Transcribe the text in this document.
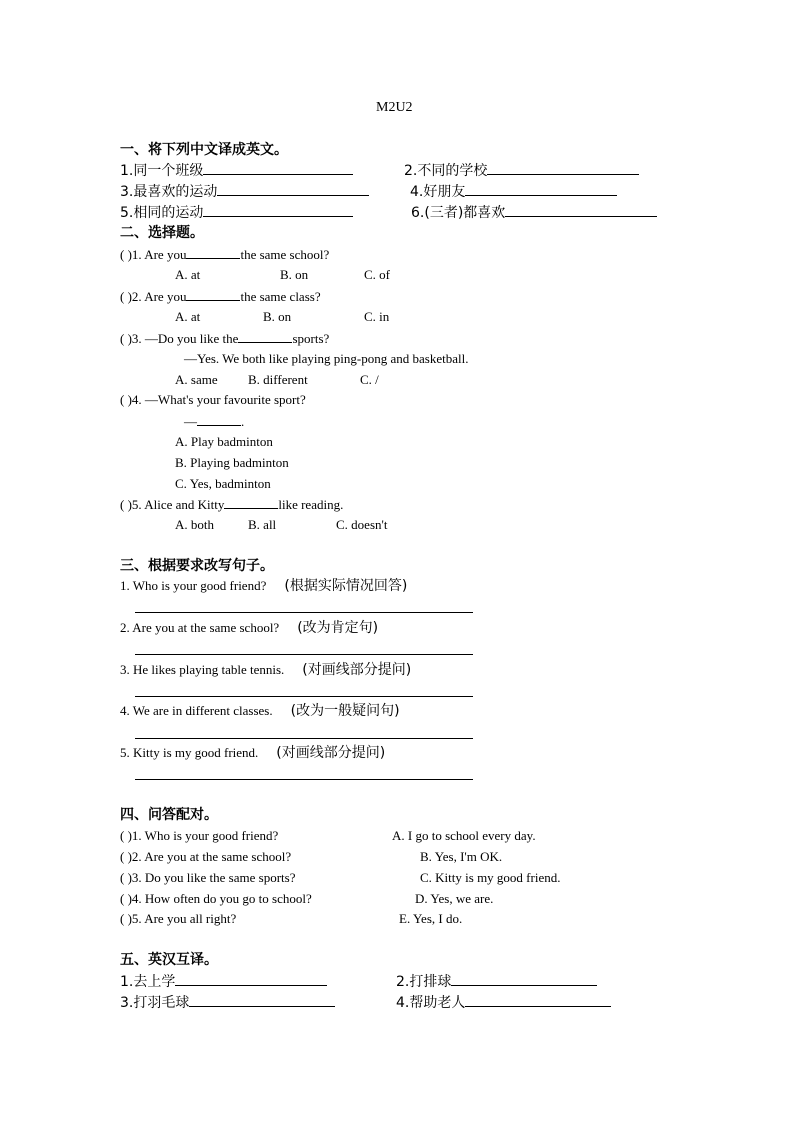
M2U2
一、将下列中文译成英文。
1.同一个班级	2.不同的学校
3.最喜欢的运动	4.好朋友
5.相同的运动	6.(三者)都喜欢
二、选择题。
( )1. Are you	the same school?
A. at	B. on	C. of
( )2. Are you	the same class?
A. at	B. on	C. in
( )3. —Do you like the	sports?
—Yes. We both like playing ping-pong and basketball.
A. same B. different	C. /
( )4. —What's your favourite sport?
—	.
A. Play badminton
B. Playing badminton
C. Yes, badminton
( )5. Alice and Kitty	like reading.
A. both	B. all	C. doesn't
三、根据要求改写句子。
1. Who is your good friend? (根据实际情况回答)
2. Are you at the same school? (改为肯定句)
3. He likes playing table tennis. (对画线部分提问)
4. We are in different classes. (改为一般疑问句)
5. Kitty is my good friend. (对画线部分提问)
四、问答配对。
( )1. Who is your good friend?	A. I go to school every day.
( )2. Are you at the same school?	B. Yes, I'm OK.
( )3. Do you like the same sports?	C. Kitty is my good friend.
( )4. How often do you go to school?	D. Yes, we are.
( )5. Are you all right?	E. Yes, I do.
五、英汉互译。
1.去上学	2.打排球
3.打羽毛球	4.帮助老人
